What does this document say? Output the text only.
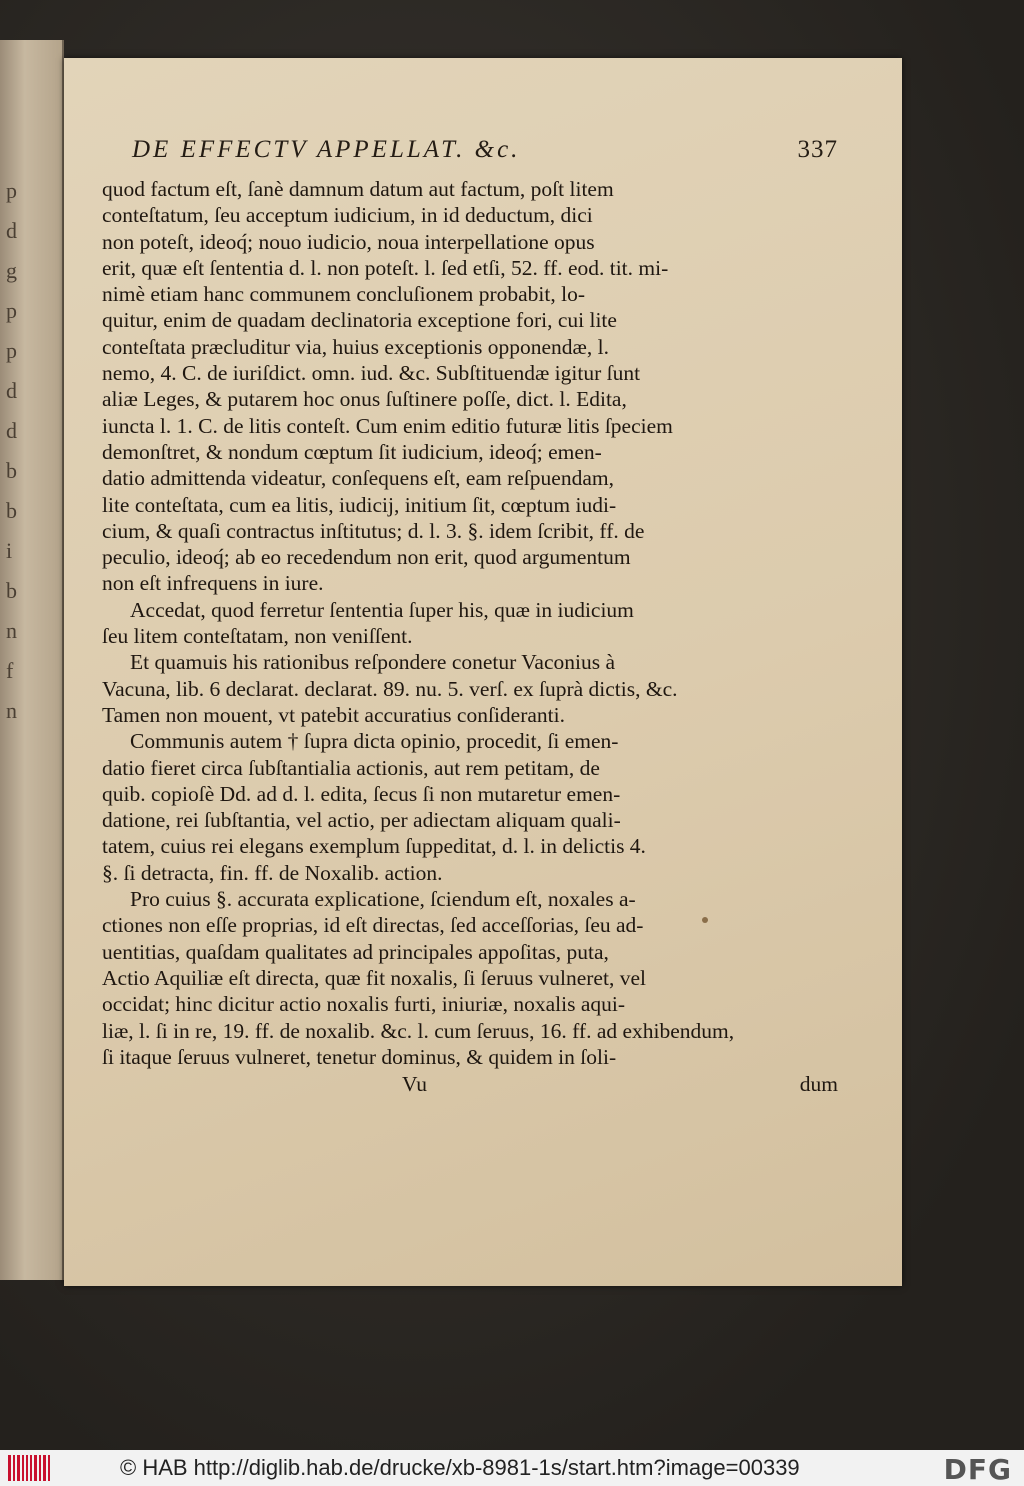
p
d
g
p
p
d
d
b
b
i
b
n
f
n
DE EFFECTV APPELLAT. &c.	337
quod factum eſt, ſanè damnum datum aut factum, poſt litem
conteſtatum, ſeu acceptum iudicium, in id deductum, dici
non poteſt, ideoq́; nouo iudicio, noua interpellatione opus
erit, quæ eſt ſententia d. l. non poteſt. l. ſed etſi, 52. ff. eod. tit. mi-
nimè etiam hanc communem concluſionem probabit, lo-
quitur, enim de quadam declinatoria exceptione fori, cui lite
conteſtata præcluditur via, huius exceptionis opponendæ, l.
nemo, 4. C. de iuriſdict. omn. iud. &c. Subſtituendæ igitur ſunt
aliæ Leges, & putarem hoc onus ſuſtinere poſſe, dict. l. Edita,
iuncta l. 1. C. de litis conteſt. Cum enim editio futuræ litis ſpeciem
demonſtret, & nondum cœptum ſit iudicium, ideoq́; emen-
datio admittenda videatur, conſequens eſt, eam reſpuendam,
lite conteſtata, cum ea litis, iudicij, initium ſit, cœptum iudi-
cium, & quaſi contractus inſtitutus; d. l. 3. §. idem ſcribit, ff. de
peculio, ideoq́; ab eo recedendum non erit, quod argumentum
non eſt infrequens in iure.
Accedat, quod ferretur ſententia ſuper his, quæ in iudicium
ſeu litem conteſtatam, non veniſſent.
Et quamuis his rationibus reſpondere conetur Vaconius à
Vacuna, lib. 6 declarat. declarat. 89. nu. 5. verſ. ex ſuprà dictis, &c.
Tamen non mouent, vt patebit accuratius conſideranti.
Communis autem † ſupra dicta opinio, procedit, ſi emen-
datio fieret circa ſubſtantialia actionis, aut rem petitam, de
quib. copioſè Dd. ad d. l. edita, ſecus ſi non mutaretur emen-
datione, rei ſubſtantia, vel actio, per adiectam aliquam quali-
tatem, cuius rei elegans exemplum ſuppeditat, d. l. in delictis 4.
§. ſi detracta, fin. ff. de Noxalib. action.
Pro cuius §. accurata explicatione, ſciendum eſt, noxales a-
ctiones non eſſe proprias, id eſt directas, ſed acceſſorias, ſeu ad-
uentitias, quaſdam qualitates ad principales appoſitas, puta,
Actio Aquiliæ eſt directa, quæ fit noxalis, ſi ſeruus vulneret, vel
occidat; hinc dicitur actio noxalis furti, iniuriæ, noxalis aqui-
liæ, l. ſi in re, 19. ff. de noxalib. &c. l. cum ſeruus, 16. ff. ad exhibendum,
ſi itaque ſeruus vulneret, tenetur dominus, & quidem in ſoli-
Vu	dum
© HAB http://diglib.hab.de/drucke/xb-8981-1s/start.htm?image=00339	DFG
